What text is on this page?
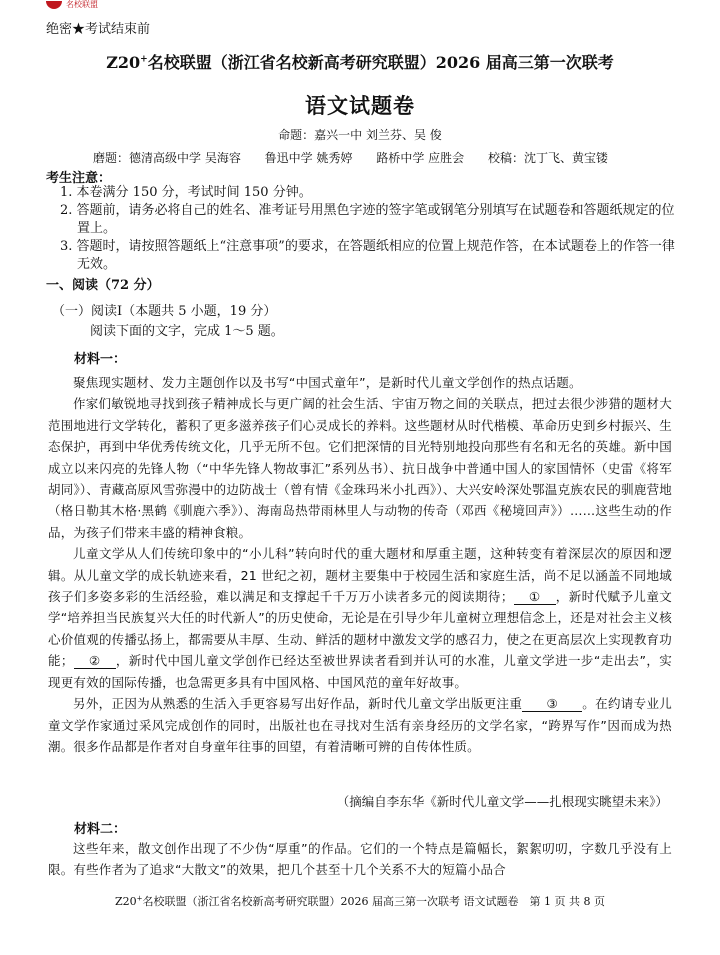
名校联盟
绝密★考试结束前
Z20+名校联盟（浙江省名校新高考研究联盟）2026 届高三第一次联考
语文试题卷
命题：嘉兴一中 刘兰芬、吴 俊
磨题：德清高级中学 吴海容 鲁迅中学 姚秀婷 路桥中学 应胜会 校稿：沈丁飞、黄宝镂
考生注意：
1. 本卷满分 150 分，考试时间 150 分钟。
2. 答题前，请务必将自己的姓名、准考证号用黑色字迹的签字笔或钢笔分别填写在试题卷和答题纸规定的位置上。
3. 答题时，请按照答题纸上“注意事项”的要求，在答题纸相应的位置上规范作答，在本试题卷上的作答一律无效。
一、阅读（72 分）
（一）阅读Ⅰ（本题共 5 小题，19 分）
阅读下面的文字，完成 1～5 题。
材料一：

聚焦现实题材、发力主题创作以及书写“中国式童年”，是新时代儿童文学创作的热点话题。

作家们敏锐地寻找到孩子精神成长与更广阔的社会生活、宇宙万物之间的关联点，把过去很少涉猎的题材大范围地进行文学转化，蓄积了更多滋养孩子们心灵成长的养料。这些题材从时代楷模、革命历史到乡村振兴、生态保护，再到中华优秀传统文化，几乎无所不包。它们把深情的目光特别地投向那些有名和无名的英雄。新中国成立以来闪亮的先锋人物（“中华先锋人物故事汇”系列丛书）、抗日战争中普通中国人的家国情怀（史雷《将军胡同》）、青藏高原风雪弥漫中的边防战士（曾有情《金珠玛米小扎西》）、大兴安岭深处鄂温克族农民的驯鹿营地（格日勒其木格·黑鹤《驯鹿六季》）、海南岛热带雨林里人与动物的传奇（邓西《秘境回声》）……这些生动的作品，为孩子们带来丰盛的精神食粮。

儿童文学从人们传统印象中的“小儿科”转向时代的重大题材和厚重主题，这种转变有着深层次的原因和逻辑。从儿童文学的成长轨迹来看，21 世纪之初，题材主要集中于校园生活和家庭生活，尚不足以涵盖不同地域孩子们多姿多彩的生活经验，难以满足和支撑起千千万万小读者多元的阅读期待； ① ，新时代赋予儿童文学“培养担当民族复兴大任的时代新人”的历史使命，无论是在引导少年儿童树立理想信念上，还是对社会主义核心价值观的传播弘扬上，都需要从丰厚、生动、鲜活的题材中激发文学的感召力，使之在更高层次上实现教育功能； ② ，新时代中国儿童文学创作已经达至被世界读者看到并认可的水准，儿童文学进一步“走出去”，实现更有效的国际传播，也急需更多具有中国风格、中国风范的童年好故事。

另外，正因为从熟悉的生活入手更容易写出好作品，新时代儿童文学出版更注重 ③ 。在约请专业儿童文学作家通过采风完成创作的同时，出版社也在寻找对生活有亲身经历的文学名家，“跨界写作”因而成为热潮。很多作品都是作者对自身童年往事的回望，有着清晰可辨的自传体性质。

（摘编自李东华《新时代儿童文学——扎根现实眺望未来》）
材料二：

这些年来，散文创作出现了不少伪“厚重”的作品。它们的一个特点是篇幅长，絮絮叨叨，字数几乎没有上限。有些作者为了追求“大散文”的效果，把几个甚至十几个关系不大的短篇小品合

Z20+名校联盟（浙江省名校新高考研究联盟）2026 届高三第一次联考 语文试题卷　第 1 页 共 8 页
